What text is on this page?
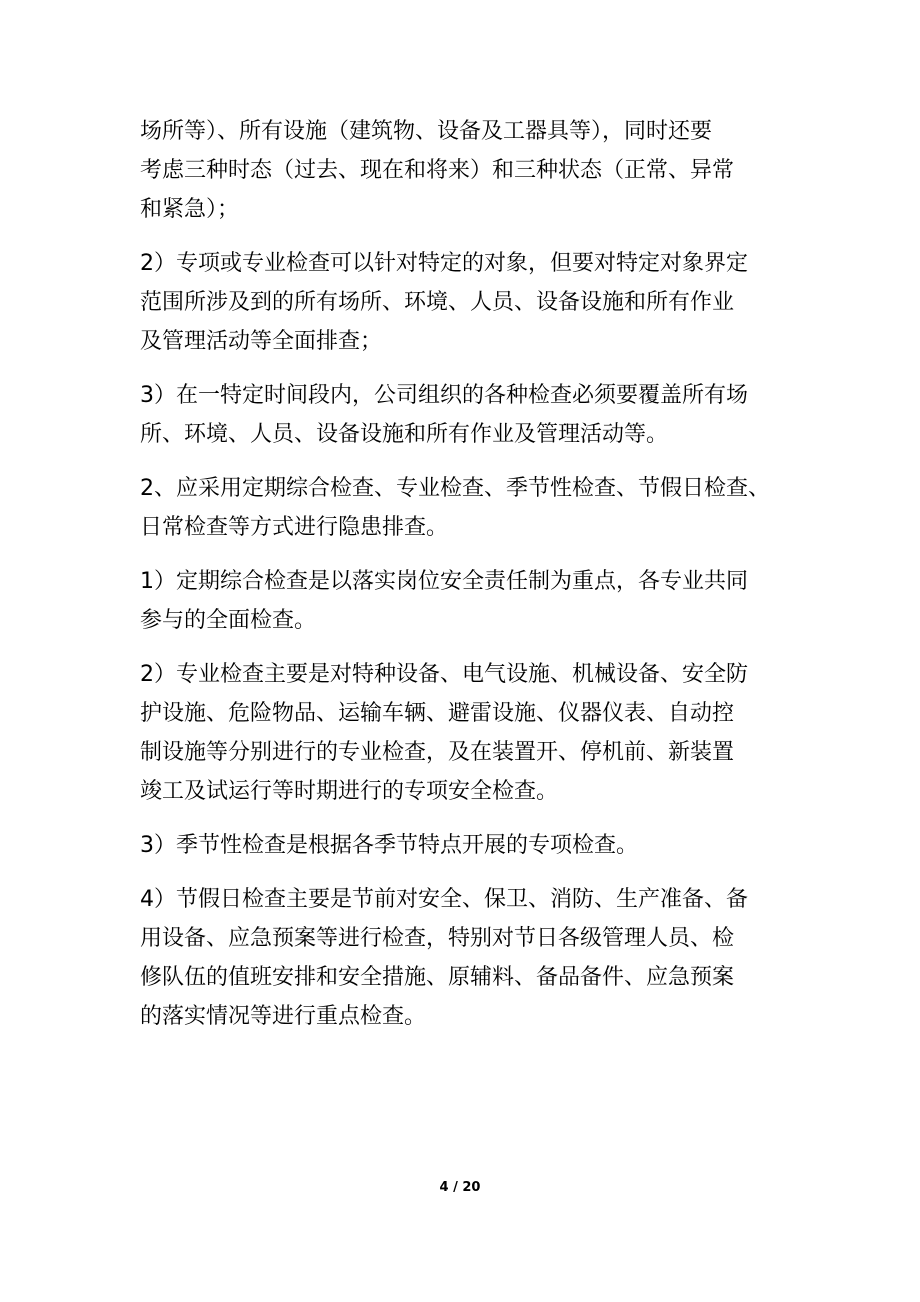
场所等）、所有设施（建筑物、设备及工器具等），同时还要
考虑三种时态（过去、现在和将来）和三种状态（正常、异常
和紧急）；

2）专项或专业检查可以针对特定的对象，但要对特定对象界定
范围所涉及到的所有场所、环境、人员、设备设施和所有作业
及管理活动等全面排查；

3）在一特定时间段内，公司组织的各种检查必须要覆盖所有场
所、环境、人员、设备设施和所有作业及管理活动等。

2、应采用定期综合检查、专业检查、季节性检查、节假日检查、
日常检查等方式进行隐患排查。

1）定期综合检查是以落实岗位安全责任制为重点，各专业共同
参与的全面检查。

2）专业检查主要是对特种设备、电气设施、机械设备、安全防
护设施、危险物品、运输车辆、避雷设施、仪器仪表、自动控
制设施等分别进行的专业检查，及在装置开、停机前、新装置
竣工及试运行等时期进行的专项安全检查。

3）季节性检查是根据各季节特点开展的专项检查。

4）节假日检查主要是节前对安全、保卫、消防、生产准备、备
用设备、应急预案等进行检查，特别对节日各级管理人员、检
修队伍的值班安排和安全措施、原辅料、备品备件、应急预案
的落实情况等进行重点检查。

4 / 20
